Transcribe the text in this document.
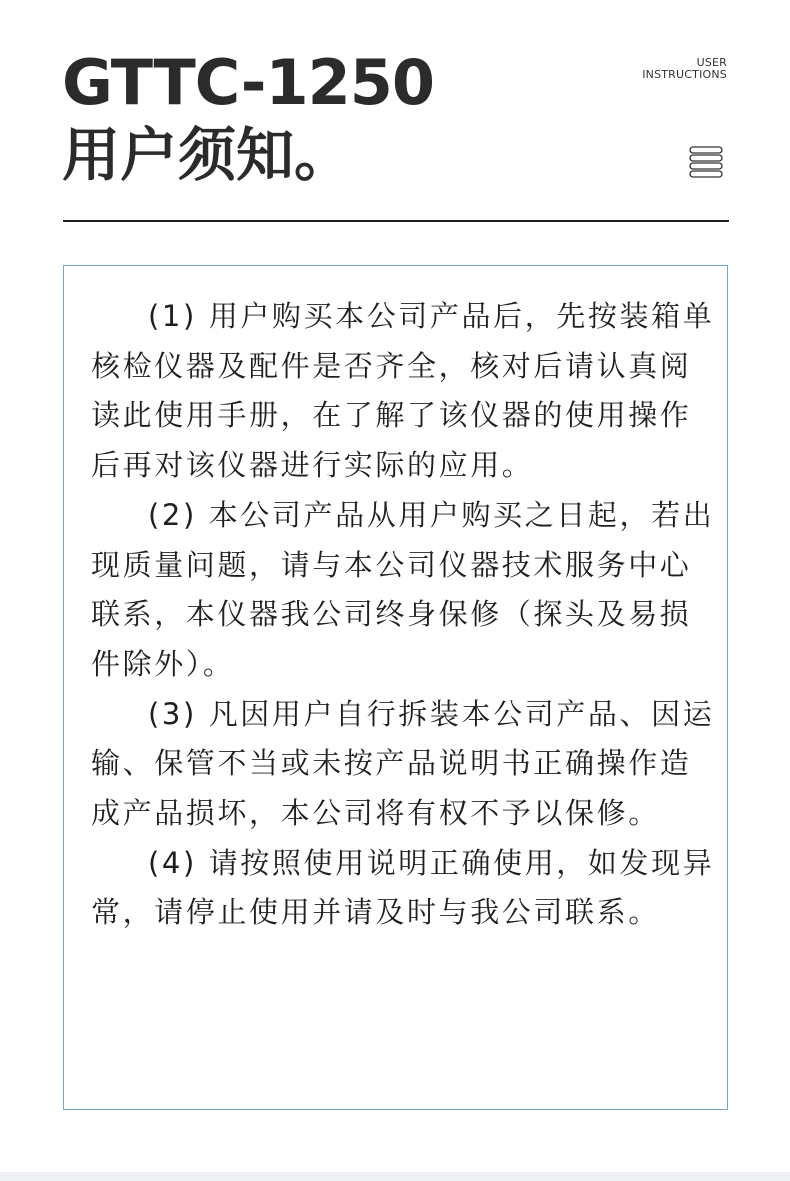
GTTC-1250
用户须知。
USER
INSTRUCTIONS

(1) 用户购买本公司产品后，先按装箱单核检仪器及配件是否齐全，核对后请认真阅读此使用手册，在了解了该仪器的使用操作后再对该仪器进行实际的应用。

(2) 本公司产品从用户购买之日起，若出现质量问题，请与本公司仪器技术服务中心联系，本仪器我公司终身保修（探头及易损件除外）。

(3) 凡因用户自行拆装本公司产品、因运输、保管不当或未按产品说明书正确操作造成产品损坏，本公司将有权不予以保修。

(4) 请按照使用说明正确使用，如发现异常，请停止使用并请及时与我公司联系。
